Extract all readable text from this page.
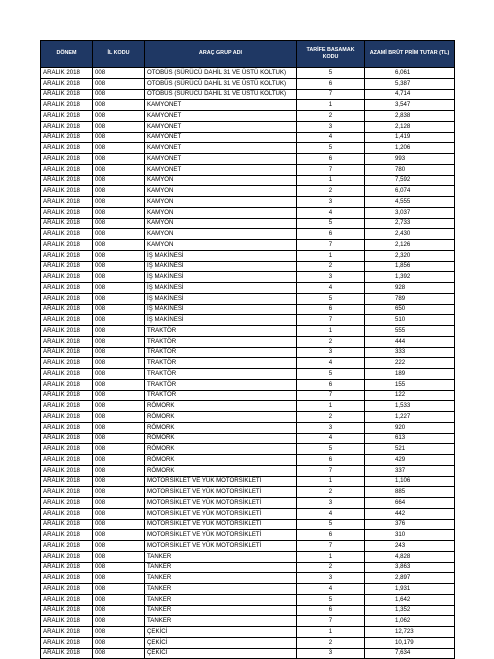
DÖNEM	İL KODU	ARAÇ GRUP ADI	TARİFE BASAMAK KODU	AZAMİ BRÜT PRİM TUTAR (TL)
ARALIK 2018	008	OTOBÜS (SÜRÜCÜ DAHİL 31 VE ÜSTÜ KOLTUK)	5	6,061
ARALIK 2018	008	OTOBÜS (SÜRÜCÜ DAHİL 31 VE ÜSTÜ KOLTUK)	6	5,387
ARALIK 2018	008	OTOBÜS (SÜRÜCÜ DAHİL 31 VE ÜSTÜ KOLTUK)	7	4,714
ARALIK 2018	008	KAMYONET	1	3,547
ARALIK 2018	008	KAMYONET	2	2,838
ARALIK 2018	008	KAMYONET	3	2,128
ARALIK 2018	008	KAMYONET	4	1,419
ARALIK 2018	008	KAMYONET	5	1,206
ARALIK 2018	008	KAMYONET	6	993
ARALIK 2018	008	KAMYONET	7	780
ARALIK 2018	008	KAMYON	1	7,592
ARALIK 2018	008	KAMYON	2	6,074
ARALIK 2018	008	KAMYON	3	4,555
ARALIK 2018	008	KAMYON	4	3,037
ARALIK 2018	008	KAMYON	5	2,733
ARALIK 2018	008	KAMYON	6	2,430
ARALIK 2018	008	KAMYON	7	2,126
ARALIK 2018	008	İŞ MAKİNESİ	1	2,320
ARALIK 2018	008	İŞ MAKİNESİ	2	1,856
ARALIK 2018	008	İŞ MAKİNESİ	3	1,392
ARALIK 2018	008	İŞ MAKİNESİ	4	928
ARALIK 2018	008	İŞ MAKİNESİ	5	789
ARALIK 2018	008	İŞ MAKİNESİ	6	650
ARALIK 2018	008	İŞ MAKİNESİ	7	510
ARALIK 2018	008	TRAKTÖR	1	555
ARALIK 2018	008	TRAKTÖR	2	444
ARALIK 2018	008	TRAKTÖR	3	333
ARALIK 2018	008	TRAKTÖR	4	222
ARALIK 2018	008	TRAKTÖR	5	189
ARALIK 2018	008	TRAKTÖR	6	155
ARALIK 2018	008	TRAKTÖR	7	122
ARALIK 2018	008	RÖMORK	1	1,533
ARALIK 2018	008	RÖMORK	2	1,227
ARALIK 2018	008	RÖMORK	3	920
ARALIK 2018	008	RÖMORK	4	613
ARALIK 2018	008	RÖMORK	5	521
ARALIK 2018	008	RÖMORK	6	429
ARALIK 2018	008	RÖMORK	7	337
ARALIK 2018	008	MOTORSİKLET VE YÜK MOTORSİKLETİ	1	1,106
ARALIK 2018	008	MOTORSİKLET VE YÜK MOTORSİKLETİ	2	885
ARALIK 2018	008	MOTORSİKLET VE YÜK MOTORSİKLETİ	3	664
ARALIK 2018	008	MOTORSİKLET VE YÜK MOTORSİKLETİ	4	442
ARALIK 2018	008	MOTORSİKLET VE YÜK MOTORSİKLETİ	5	376
ARALIK 2018	008	MOTORSİKLET VE YÜK MOTORSİKLETİ	6	310
ARALIK 2018	008	MOTORSİKLET VE YÜK MOTORSİKLETİ	7	243
ARALIK 2018	008	TANKER	1	4,828
ARALIK 2018	008	TANKER	2	3,863
ARALIK 2018	008	TANKER	3	2,897
ARALIK 2018	008	TANKER	4	1,931
ARALIK 2018	008	TANKER	5	1,642
ARALIK 2018	008	TANKER	6	1,352
ARALIK 2018	008	TANKER	7	1,062
ARALIK 2018	008	ÇEKİCİ	1	12,723
ARALIK 2018	008	ÇEKİCİ	2	10,179
ARALIK 2018	008	ÇEKİCİ	3	7,634
